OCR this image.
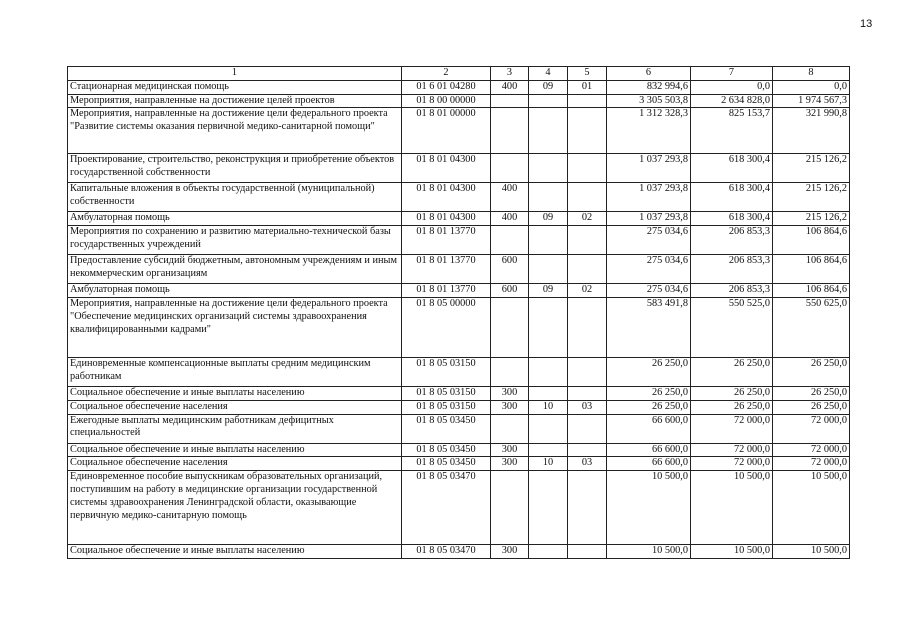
13
1	2	3	4	5	6	7	8
Стационарная медицинская помощь	01 6 01 04280	400	09	01	832 994,6	0,0	0,0
Мероприятия, направленные на достижение целей проектов	01 8 00 00000				3 305 503,8	2 634 828,0	1 974 567,3
Мероприятия, направленные на достижение цели федерального проекта "Развитие системы оказания первичной медико-санитарной помощи"	01 8 01 00000				1 312 328,3	825 153,7	321 990,8
Проектирование, строительство, реконструкция и приобретение объектов государственной собственности	01 8 01 04300				1 037 293,8	618 300,4	215 126,2
Капитальные вложения в объекты государственной (муниципальной) собственности	01 8 01 04300	400			1 037 293,8	618 300,4	215 126,2
Амбулаторная помощь	01 8 01 04300	400	09	02	1 037 293,8	618 300,4	215 126,2
Мероприятия по сохранению и развитию материально-технической базы государственных учреждений	01 8 01 13770				275 034,6	206 853,3	106 864,6
Предоставление субсидий бюджетным, автономным учреждениям и иным некоммерческим организациям	01 8 01 13770	600			275 034,6	206 853,3	106 864,6
Амбулаторная помощь	01 8 01 13770	600	09	02	275 034,6	206 853,3	106 864,6
Мероприятия, направленные на достижение цели федерального проекта "Обеспечение медицинских организаций системы здравоохранения квалифицированными кадрами"	01 8 05 00000				583 491,8	550 525,0	550 625,0
Единовременные компенсационные выплаты средним медицинским работникам	01 8 05 03150				26 250,0	26 250,0	26 250,0
Социальное обеспечение и иные выплаты населению	01 8 05 03150	300			26 250,0	26 250,0	26 250,0
Социальное обеспечение населения	01 8 05 03150	300	10	03	26 250,0	26 250,0	26 250,0
Ежегодные выплаты медицинским работникам дефицитных специальностей	01 8 05 03450				66 600,0	72 000,0	72 000,0
Социальное обеспечение и иные выплаты населению	01 8 05 03450	300			66 600,0	72 000,0	72 000,0
Социальное обеспечение населения	01 8 05 03450	300	10	03	66 600,0	72 000,0	72 000,0
Единовременное пособие выпускникам образовательных организаций, поступившим на работу в медицинские организации государственной системы здравоохранения Ленинградской области, оказывающие первичную медико-санитарную помощь	01 8 05 03470				10 500,0	10 500,0	10 500,0
Социальное обеспечение и иные выплаты населению	01 8 05 03470	300			10 500,0	10 500,0	10 500,0
